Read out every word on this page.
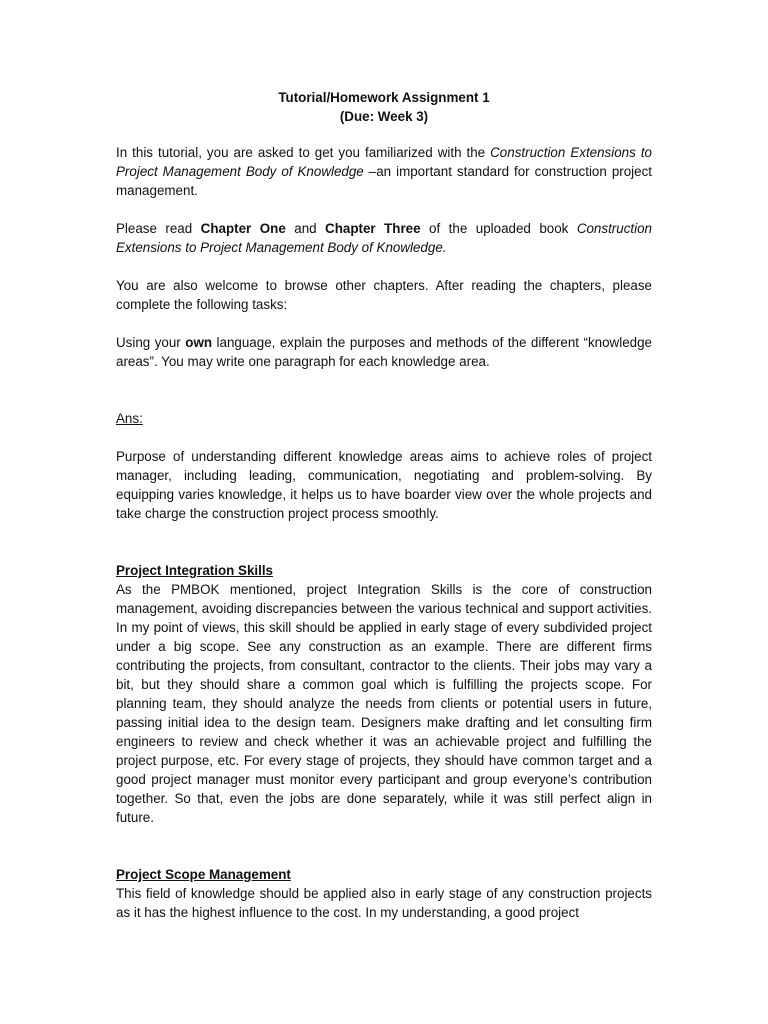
Tutorial/Homework Assignment 1
(Due: Week 3)

In this tutorial, you are asked to get you familiarized with the Construction Extensions to Project Management Body of Knowledge –an important standard for construction project management.

Please read Chapter One and Chapter Three of the uploaded book Construction Extensions to Project Management Body of Knowledge.

You are also welcome to browse other chapters. After reading the chapters, please complete the following tasks:

Using your own language, explain the purposes and methods of the different “knowledge areas”. You may write one paragraph for each knowledge area.

Ans:

Purpose of understanding different knowledge areas aims to achieve roles of project manager, including leading, communication, negotiating and problem-solving. By equipping varies knowledge, it helps us to have boarder view over the whole projects and take charge the construction project process smoothly.

Project Integration Skills

As the PMBOK mentioned, project Integration Skills is the core of construction management, avoiding discrepancies between the various technical and support activities. In my point of views, this skill should be applied in early stage of every subdivided project under a big scope. See any construction as an example. There are different firms contributing the projects, from consultant, contractor to the clients. Their jobs may vary a bit, but they should share a common goal which is fulfilling the projects scope. For planning team, they should analyze the needs from clients or potential users in future, passing initial idea to the design team. Designers make drafting and let consulting firm engineers to review and check whether it was an achievable project and fulfilling the project purpose, etc. For every stage of projects, they should have common target and a good project manager must monitor every participant and group everyone’s contribution together. So that, even the jobs are done separately, while it was still perfect align in future.

Project Scope Management

This field of knowledge should be applied also in early stage of any construction projects as it has the highest influence to the cost. In my understanding, a good project
